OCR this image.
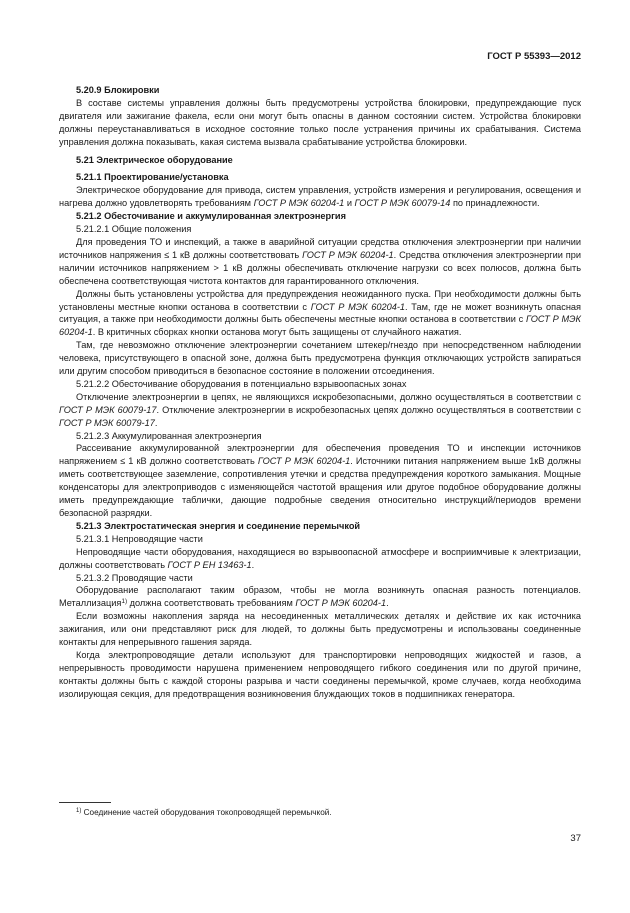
ГОСТ Р 55393—2012

5.20.9 Блокировки

В составе системы управления должны быть предусмотрены устройства блокировки, предупреждающие пуск двигателя или зажигание факела, если они могут быть опасны в данном состоянии систем. Устройства блокировки должны переустанавливаться в исходное состояние только после устранения причины их срабатывания. Система управления должна показывать, какая система вызвала срабатывание устройства блокировки.

5.21 Электрическое оборудование

5.21.1 Проектирование/установка

Электрическое оборудование для привода, систем управления, устройств измерения и регулирования, освещения и нагрева должно удовлетворять требованиям ГОСТ Р МЭК 60204-1 и ГОСТ Р МЭК 60079-14 по принадлежности.

5.21.2 Обесточивание и аккумулированная электроэнергия

5.21.2.1 Общие положения

Для проведения ТО и инспекций, а также в аварийной ситуации средства отключения электроэнергии при наличии источников напряжения ≤ 1 кВ должны соответствовать ГОСТ Р МЭК 60204-1. Средства отключения электроэнергии при наличии источников напряжением > 1 кВ должны обеспечивать отключение нагрузки со всех полюсов, должна быть обеспечена соответствующая чистота контактов для гарантированного отключения.

Должны быть установлены устройства для предупреждения неожиданного пуска. При необходимости должны быть установлены местные кнопки останова в соответствии с ГОСТ Р МЭК 60204-1. Там, где не может возникнуть опасная ситуация, а также при необходимости должны быть обеспечены местные кнопки останова в соответствии с ГОСТ Р МЭК 60204-1. В критичных сборках кнопки останова могут быть защищены от случайного нажатия.

Там, где невозможно отключение электроэнергии сочетанием штекер/гнездо при непосредственном наблюдении человека, присутствующего в опасной зоне, должна быть предусмотрена функция отключающих устройств запираться или другим способом приводиться в безопасное состояние в положении отсоединения.

5.21.2.2 Обесточивание оборудования в потенциально взрывоопасных зонах

Отключение электроэнергии в цепях, не являющихся искробезопасными, должно осуществляться в соответствии с ГОСТ Р МЭК 60079-17. Отключение электроэнергии в искробезопасных цепях должно осуществляться в соответствии с ГОСТ Р МЭК 60079-17.

5.21.2.3 Аккумулированная электроэнергия

Рассеивание аккумулированной электроэнергии для обеспечения проведения ТО и инспекции источников напряжением ≤ 1 кВ должно соответствовать ГОСТ Р МЭК 60204-1. Источники питания напряжением выше 1кВ должны иметь соответствующее заземление, сопротивления утечки и средства предупреждения короткого замыкания. Мощные конденсаторы для электроприводов с изменяющейся частотой вращения или другое подобное оборудование должны иметь предупреждающие таблички, дающие подробные сведения относительно инструкций/периодов времени безопасной разрядки.

5.21.3 Электростатическая энергия и соединение перемычкой

5.21.3.1 Непроводящие части

Непроводящие части оборудования, находящиеся во взрывоопасной атмосфере и восприимчивые к электризации, должны соответствовать ГОСТ Р ЕН 13463-1.

5.21.3.2 Проводящие части

Оборудование располагают таким образом, чтобы не могла возникнуть опасная разность потенциалов. Металлизация$^{1)}$ должна соответствовать требованиям ГОСТ Р МЭК 60204-1.

Если возможны накопления заряда на несоединенных металлических деталях и действие их как источника зажигания, или они представляют риск для людей, то должны быть предусмотрены и использованы соединенные контакты для непрерывного гашения заряда.

Когда электропроводящие детали используют для транспортировки непроводящих жидкостей и газов, а непрерывность проводимости нарушена применением непроводящего гибкого соединения или по другой причине, контакты должны быть с каждой стороны разрыва и части соединены перемычкой, кроме случаев, когда необходима изолирующая секция, для предотвращения возникновения блуждающих токов в подшипниках генератора.

$^{1)}$ Соединение частей оборудования токопроводящей перемычкой.
37
